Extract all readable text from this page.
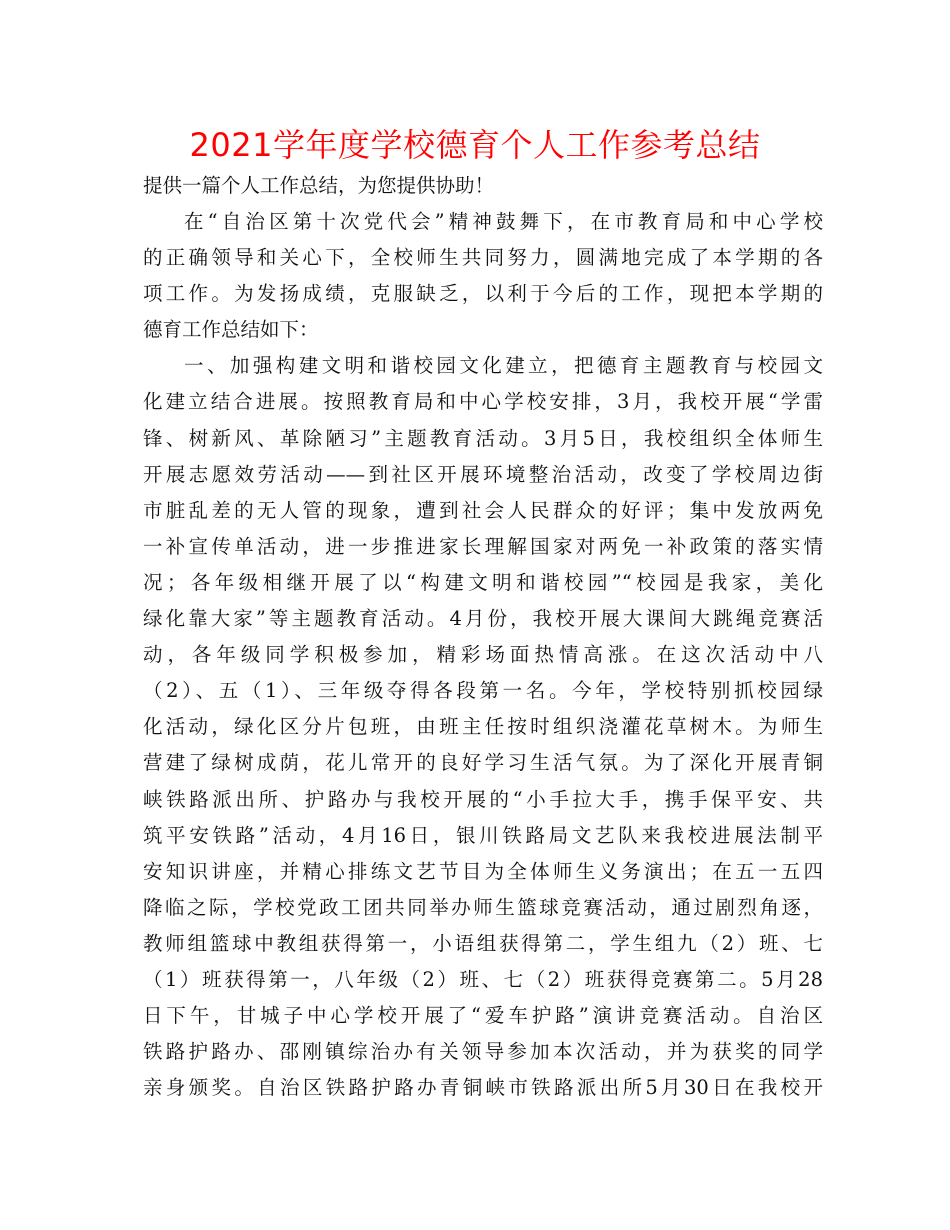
2021学年度学校德育个人工作参考总结
提供一篇个人工作总结，为您提供协助！
在“自治区第十次党代会”精神鼓舞下，在市教育局和中心学校
的正确领导和关心下，全校师生共同努力，圆满地完成了本学期的各
项工作。为发扬成绩，克服缺乏，以利于今后的工作，现把本学期的
德育工作总结如下：
一、加强构建文明和谐校园文化建立，把德育主题教育与校园文
化建立结合进展。按照教育局和中心学校安排，3月，我校开展“学雷
锋、树新风、革除陋习”主题教育活动。3月5日，我校组织全体师生
开展志愿效劳活动——到社区开展环境整治活动，改变了学校周边街
市脏乱差的无人管的现象，遭到社会人民群众的好评；集中发放两免
一补宣传单活动，进一步推进家长理解国家对两免一补政策的落实情
况；各年级相继开展了以“构建文明和谐校园”“校园是我家，美化
绿化靠大家”等主题教育活动。4月份，我校开展大课间大跳绳竞赛活
动，各年级同学积极参加，精彩场面热情高涨。在这次活动中八
（2）、五（1）、三年级夺得各段第一名。今年，学校特别抓校园绿
化活动，绿化区分片包班，由班主任按时组织浇灌花草树木。为师生
营建了绿树成荫，花儿常开的良好学习生活气氛。为了深化开展青铜
峡铁路派出所、护路办与我校开展的“小手拉大手，携手保平安、共
筑平安铁路”活动，4月16日，银川铁路局文艺队来我校进展法制平
安知识讲座，并精心排练文艺节目为全体师生义务演出；在五一五四
降临之际，学校党政工团共同举办师生篮球竞赛活动，通过剧烈角逐，
教师组篮球中教组获得第一，小语组获得第二，学生组九（2）班、七
（1）班获得第一，八年级（2）班、七（2）班获得竞赛第二。5月28
日下午，甘城子中心学校开展了“爱车护路”演讲竞赛活动。自治区
铁路护路办、邵刚镇综治办有关领导参加本次活动，并为获奖的同学
亲身颁奖。自治区铁路护路办青铜峡市铁路派出所5月30日在我校开
